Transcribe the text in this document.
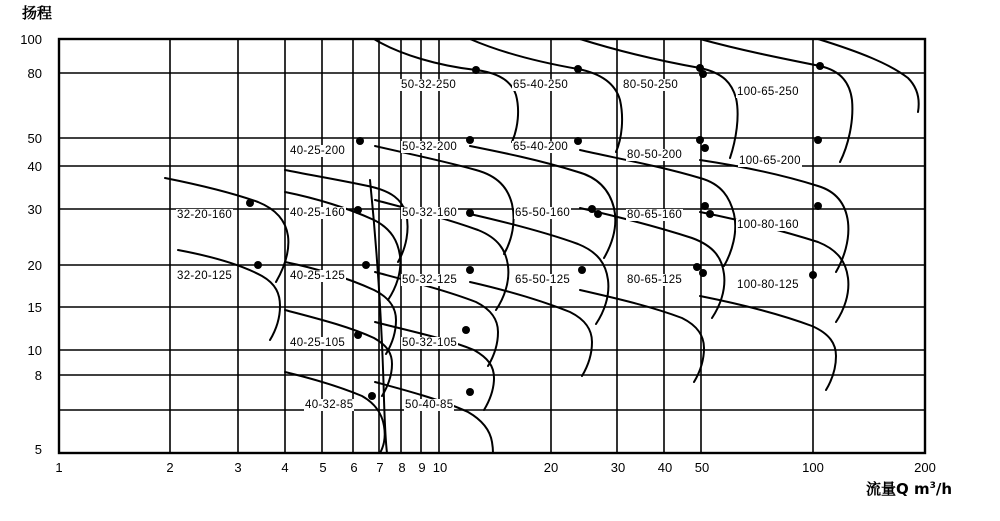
扬程
流量Q $m^3/h$
100
80
50
40
30
20
15
10
8
5
1	2	3	4	5	6	7	8 9 10	20	30	40	50	100	200
50-32-250	65-40-250	80-50-250
100-65-250
40-25-200	50-32-200	65-40-200
80-50-200	100-65-200
32-20-160	40-25-160	50-32-160	65-50-160	80-65-160
100-80-160
32-20-125	40-25-125	50-32-125	65-50-125	80-65-125	100-80-125
40-25-105	50-32-105
40-32-85	50-40-85
